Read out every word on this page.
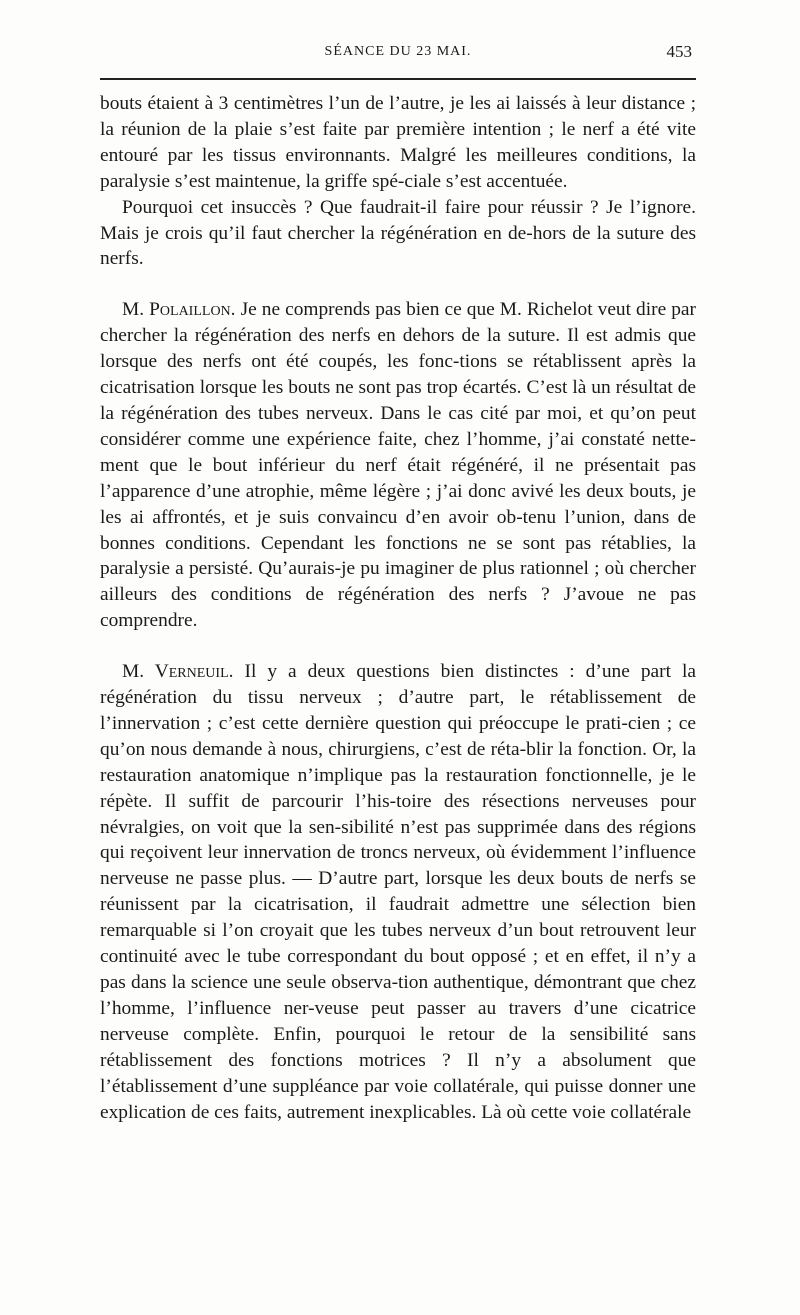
SÉANCE DU 23 MAI.	453

bouts étaient à 3 centimètres l’un de l’autre, je les ai laissés à leur distance ; la réunion de la plaie s’est faite par première intention ; le nerf a été vite entouré par les tissus environnants. Malgré les meilleures conditions, la paralysie s’est maintenue, la griffe spé-ciale s’est accentuée.

Pourquoi cet insuccès ? Que faudrait-il faire pour réussir ? Je l’ignore. Mais je crois qu’il faut chercher la régénération en de-hors de la suture des nerfs.

M. Polaillon. Je ne comprends pas bien ce que M. Richelot veut dire par chercher la régénération des nerfs en dehors de la suture. Il est admis que lorsque des nerfs ont été coupés, les fonc-tions se rétablissent après la cicatrisation lorsque les bouts ne sont pas trop écartés. C’est là un résultat de la régénération des tubes nerveux. Dans le cas cité par moi, et qu’on peut considérer comme une expérience faite, chez l’homme, j’ai constaté nette-ment que le bout inférieur du nerf était régénéré, il ne présentait pas l’apparence d’une atrophie, même légère ; j’ai donc avivé les deux bouts, je les ai affrontés, et je suis convaincu d’en avoir ob-tenu l’union, dans de bonnes conditions. Cependant les fonctions ne se sont pas rétablies, la paralysie a persisté. Qu’aurais-je pu imaginer de plus rationnel ; où chercher ailleurs des conditions de régénération des nerfs ? J’avoue ne pas comprendre.

M. Verneuil. Il y a deux questions bien distinctes : d’une part la régénération du tissu nerveux ; d’autre part, le rétablissement de l’innervation ; c’est cette dernière question qui préoccupe le prati-cien ; ce qu’on nous demande à nous, chirurgiens, c’est de réta-blir la fonction. Or, la restauration anatomique n’implique pas la restauration fonctionnelle, je le répète. Il suffit de parcourir l’his-toire des résections nerveuses pour névralgies, on voit que la sen-sibilité n’est pas supprimée dans des régions qui reçoivent leur innervation de troncs nerveux, où évidemment l’influence nerveuse ne passe plus. — D’autre part, lorsque les deux bouts de nerfs se réunissent par la cicatrisation, il faudrait admettre une sélection bien remarquable si l’on croyait que les tubes nerveux d’un bout retrouvent leur continuité avec le tube correspondant du bout opposé ; et en effet, il n’y a pas dans la science une seule observa-tion authentique, démontrant que chez l’homme, l’influence ner-veuse peut passer au travers d’une cicatrice nerveuse complète. Enfin, pourquoi le retour de la sensibilité sans rétablissement des fonctions motrices ? Il n’y a absolument que l’établissement d’une suppléance par voie collatérale, qui puisse donner une explication de ces faits, autrement inexplicables. Là où cette voie collatérale
